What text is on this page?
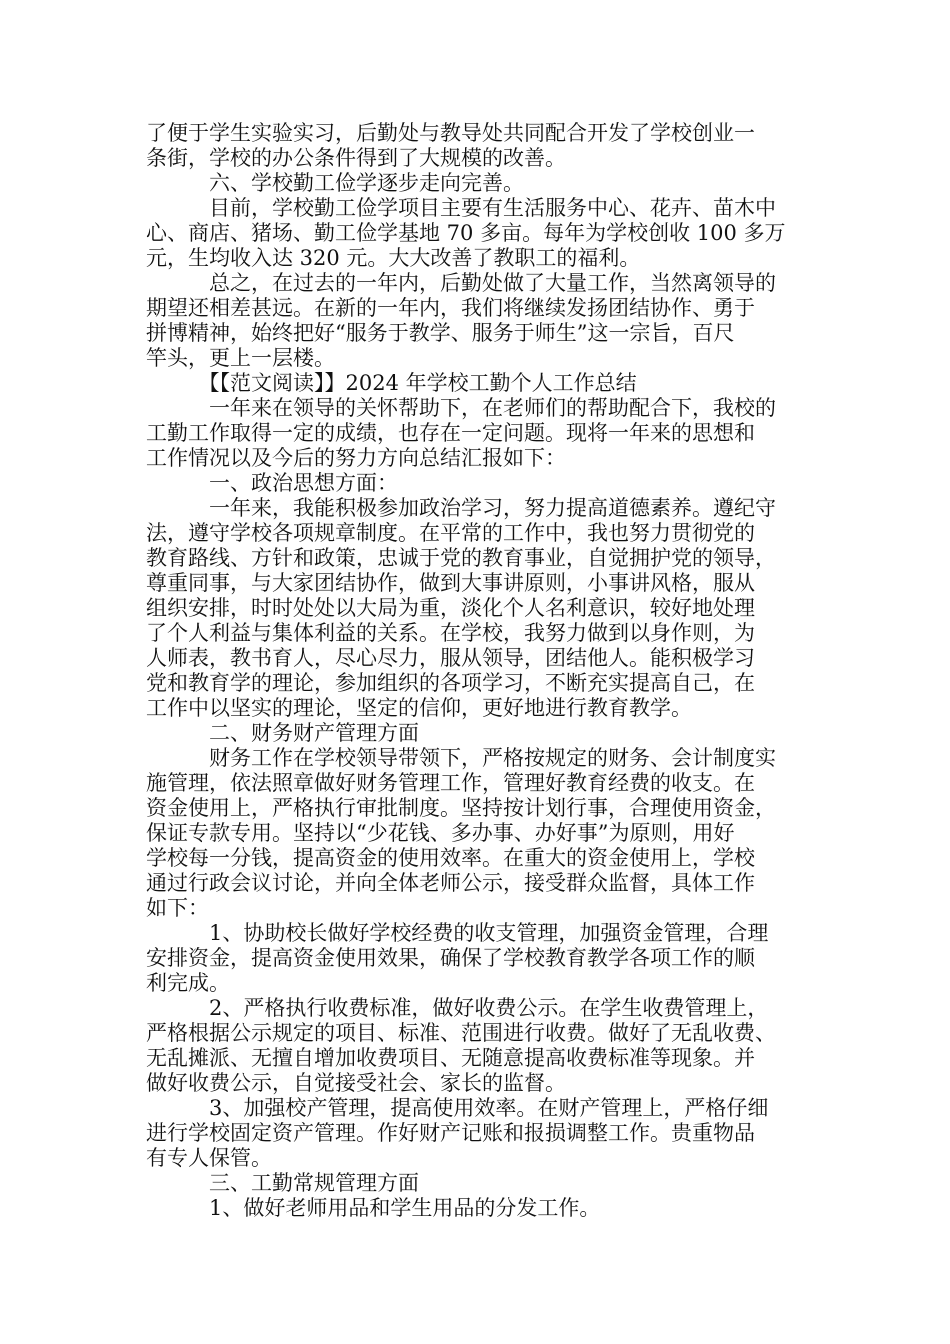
了便于学生实验实习，后勤处与教导处共同配合开发了学校创业一
条街，学校的办公条件得到了大规模的改善。

　　　六、学校勤工俭学逐步走向完善。

　　　目前，学校勤工俭学项目主要有生活服务中心、花卉、苗木中
心、商店、猪场、勤工俭学基地 70 多亩。每年为学校创收 100 多万
元，生均收入达 320 元。大大改善了教职工的福利。

　　　总之，在过去的一年内，后勤处做了大量工作，当然离领导的
期望还相差甚远。在新的一年内，我们将继续发扬团结协作、勇于
拼博精神，始终把好“服务于教学、服务于师生”这一宗旨，百尺
竿头，更上一层楼。

　　　【【范文阅读】】2024 年学校工勤个人工作总结

　　　一年来在领导的关怀帮助下，在老师们的帮助配合下，我校的
工勤工作取得一定的成绩，也存在一定问题。现将一年来的思想和
工作情况以及今后的努力方向总结汇报如下：

　　　一、政治思想方面：

　　　一年来，我能积极参加政治学习，努力提高道德素养。遵纪守
法，遵守学校各项规章制度。在平常的工作中，我也努力贯彻党的
教育路线、方针和政策，忠诚于党的教育事业，自觉拥护党的领导，
尊重同事，与大家团结协作，做到大事讲原则，小事讲风格，服从
组织安排，时时处处以大局为重，淡化个人名利意识，较好地处理
了个人利益与集体利益的关系。在学校，我努力做到以身作则，为
人师表，教书育人，尽心尽力，服从领导，团结他人。能积极学习
党和教育学的理论，参加组织的各项学习，不断充实提高自己，在
工作中以坚实的理论，坚定的信仰，更好地进行教育教学。

　　　二、财务财产管理方面

　　　财务工作在学校领导带领下，严格按规定的财务、会计制度实
施管理，依法照章做好财务管理工作，管理好教育经费的收支。在
资金使用上，严格执行审批制度。坚持按计划行事，合理使用资金，
保证专款专用。坚持以“少花钱、多办事、办好事”为原则，用好
学校每一分钱，提高资金的使用效率。在重大的资金使用上，学校
通过行政会议讨论，并向全体老师公示，接受群众监督，具体工作
如下：

　　　1、协助校长做好学校经费的收支管理，加强资金管理，合理
安排资金，提高资金使用效果，确保了学校教育教学各项工作的顺
利完成。

　　　2、严格执行收费标准，做好收费公示。在学生收费管理上，
严格根据公示规定的项目、标准、范围进行收费。做好了无乱收费、
无乱摊派、无擅自增加收费项目、无随意提高收费标准等现象。并
做好收费公示，自觉接受社会、家长的监督。

　　　3、加强校产管理，提高使用效率。在财产管理上，严格仔细
进行学校固定资产管理。作好财产记账和报损调整工作。贵重物品
有专人保管。

　　　三、工勤常规管理方面

　　　1、做好老师用品和学生用品的分发工作。
